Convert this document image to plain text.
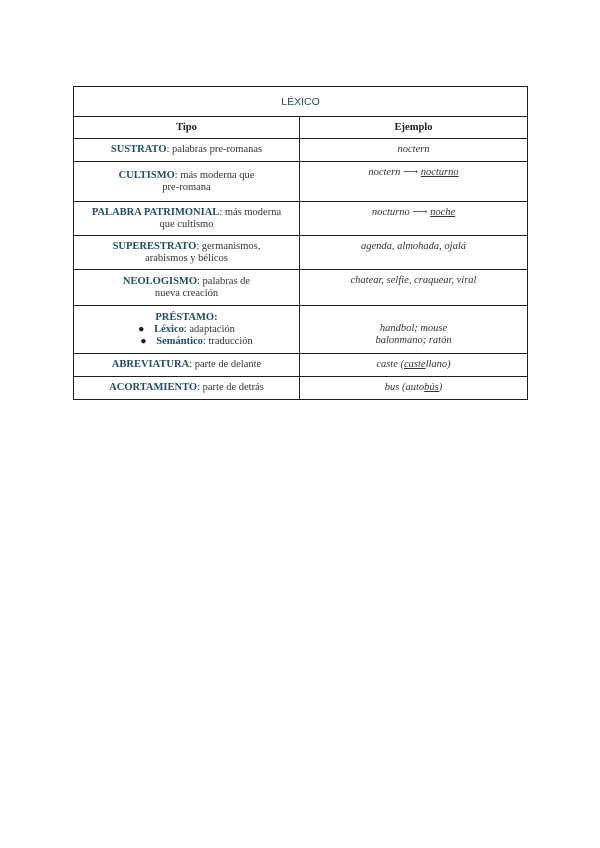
LÉXICO	
Tipo	Ejemplo
SUSTRATO: palabras pre-romanas	noctern

CULTISMO: más moderna que
pre-romana	noctern ⟶ nocturno

PALABRA PATRIMONIAL: más moderna
que cultismo	nocturno ⟶ noche

SUPERESTRATO: germanismos,
arabismos y bélicos	agenda, almohada, ojalá

NEOLOGISMO: palabras de
nueva creación	chatear, selfie, craquear, viral

PRÉSTAMO:
● Léxico: adaptación
● Semántico: traducción	handbol; mouse
balonmano; ratón

ABREVIATURA: parte de delante	caste (castellano)
ACORTAMIENTO: parte de detrás	bus (autobús)
